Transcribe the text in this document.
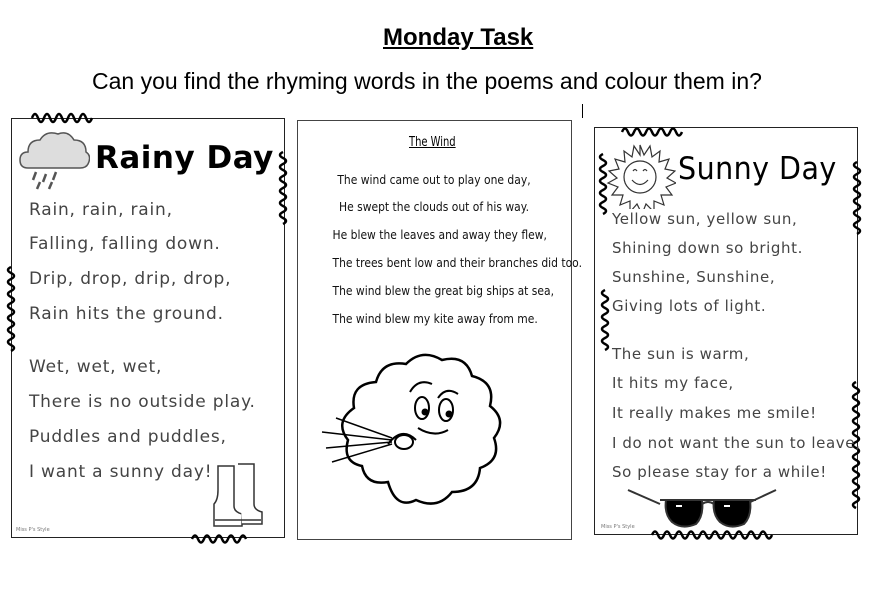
Monday Task
Can you find the rhyming words in the poems and colour them in?
Rainy Day
Rain, rain, rain,
Falling, falling down.
Drip, drop, drip, drop,
Rain hits the ground.
Wet, wet, wet,
There is no outside play.
Puddles and puddles,
I want a sunny day!
Miss P's Style
The Wind
The wind came out to play one day,
He swept the clouds out of his way.
He blew the leaves and away they flew,
The trees bent low and their branches did too.
The wind blew the great big ships at sea,
The wind blew my kite away from me.
Sunny Day
Yellow sun, yellow sun,
Shining down so bright.
Sunshine, Sunshine,
Giving lots of light.
The sun is warm,
It hits my face,
It really makes me smile!
I do not want the sun to leave,
So please stay for a while!
Miss P's Style
